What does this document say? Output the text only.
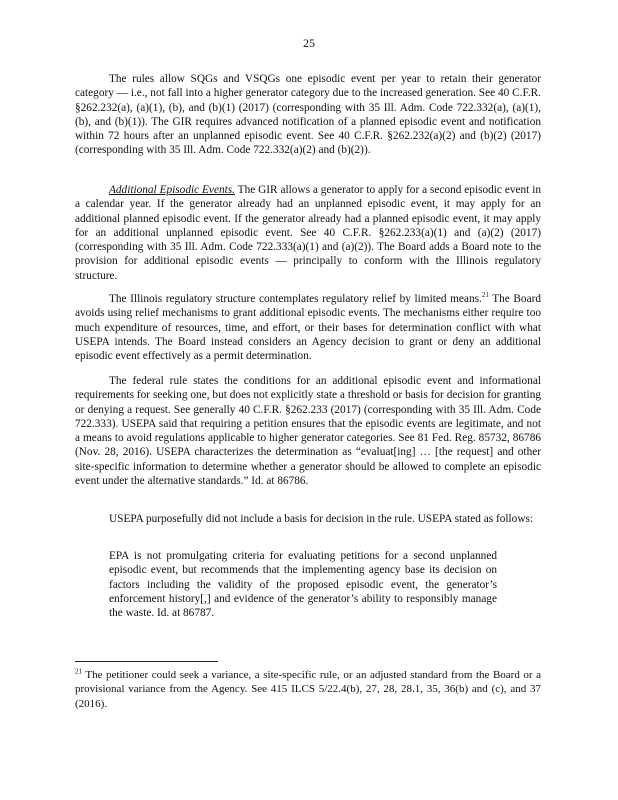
25

The rules allow SQGs and VSQGs one episodic event per year to retain their generator category — i.e., not fall into a higher generator category due to the increased generation. See 40 C.F.R. §262.232(a), (a)(1), (b), and (b)(1) (2017) (corresponding with 35 Ill. Adm. Code 722.332(a), (a)(1), (b), and (b)(1)). The GIR requires advanced notification of a planned episodic event and notification within 72 hours after an unplanned episodic event. See 40 C.F.R. §262.232(a)(2) and (b)(2) (2017) (corresponding with 35 Ill. Adm. Code 722.332(a)(2) and (b)(2)).

Additional Episodic Events. The GIR allows a generator to apply for a second episodic event in a calendar year. If the generator already had an unplanned episodic event, it may apply for an additional planned episodic event. If the generator already had a planned episodic event, it may apply for an additional unplanned episodic event. See 40 C.F.R. §262.233(a)(1) and (a)(2) (2017) (corresponding with 35 Ill. Adm. Code 722.333(a)(1) and (a)(2)). The Board adds a Board note to the provision for additional episodic events — principally to conform with the Illinois regulatory structure.

The Illinois regulatory structure contemplates regulatory relief by limited means.$^{21}$ The Board avoids using relief mechanisms to grant additional episodic events. The mechanisms either require too much expenditure of resources, time, and effort, or their bases for determination conflict with what USEPA intends. The Board instead considers an Agency decision to grant or deny an additional episodic event effectively as a permit determination.

The federal rule states the conditions for an additional episodic event and informational requirements for seeking one, but does not explicitly state a threshold or basis for decision for granting or denying a request. See generally 40 C.F.R. §262.233 (2017) (corresponding with 35 Ill. Adm. Code 722.333). USEPA said that requiring a petition ensures that the episodic events are legitimate, and not a means to avoid regulations applicable to higher generator categories. See 81 Fed. Reg. 85732, 86786 (Nov. 28, 2016). USEPA characterizes the determination as “evaluat[ing] … [the request] and other site-specific information to determine whether a generator should be allowed to complete an episodic event under the alternative standards.” Id. at 86786.

USEPA purposefully did not include a basis for decision in the rule. USEPA stated as follows:

EPA is not promulgating criteria for evaluating petitions for a second unplanned episodic event, but recommends that the implementing agency base its decision on factors including the validity of the proposed episodic event, the generator’s enforcement history[,] and evidence of the generator’s ability to responsibly manage the waste. Id. at 86787.

$^{21}$ The petitioner could seek a variance, a site-specific rule, or an adjusted standard from the Board or a provisional variance from the Agency. See 415 ILCS 5/22.4(b), 27, 28, 28.1, 35, 36(b) and (c), and 37 (2016).
